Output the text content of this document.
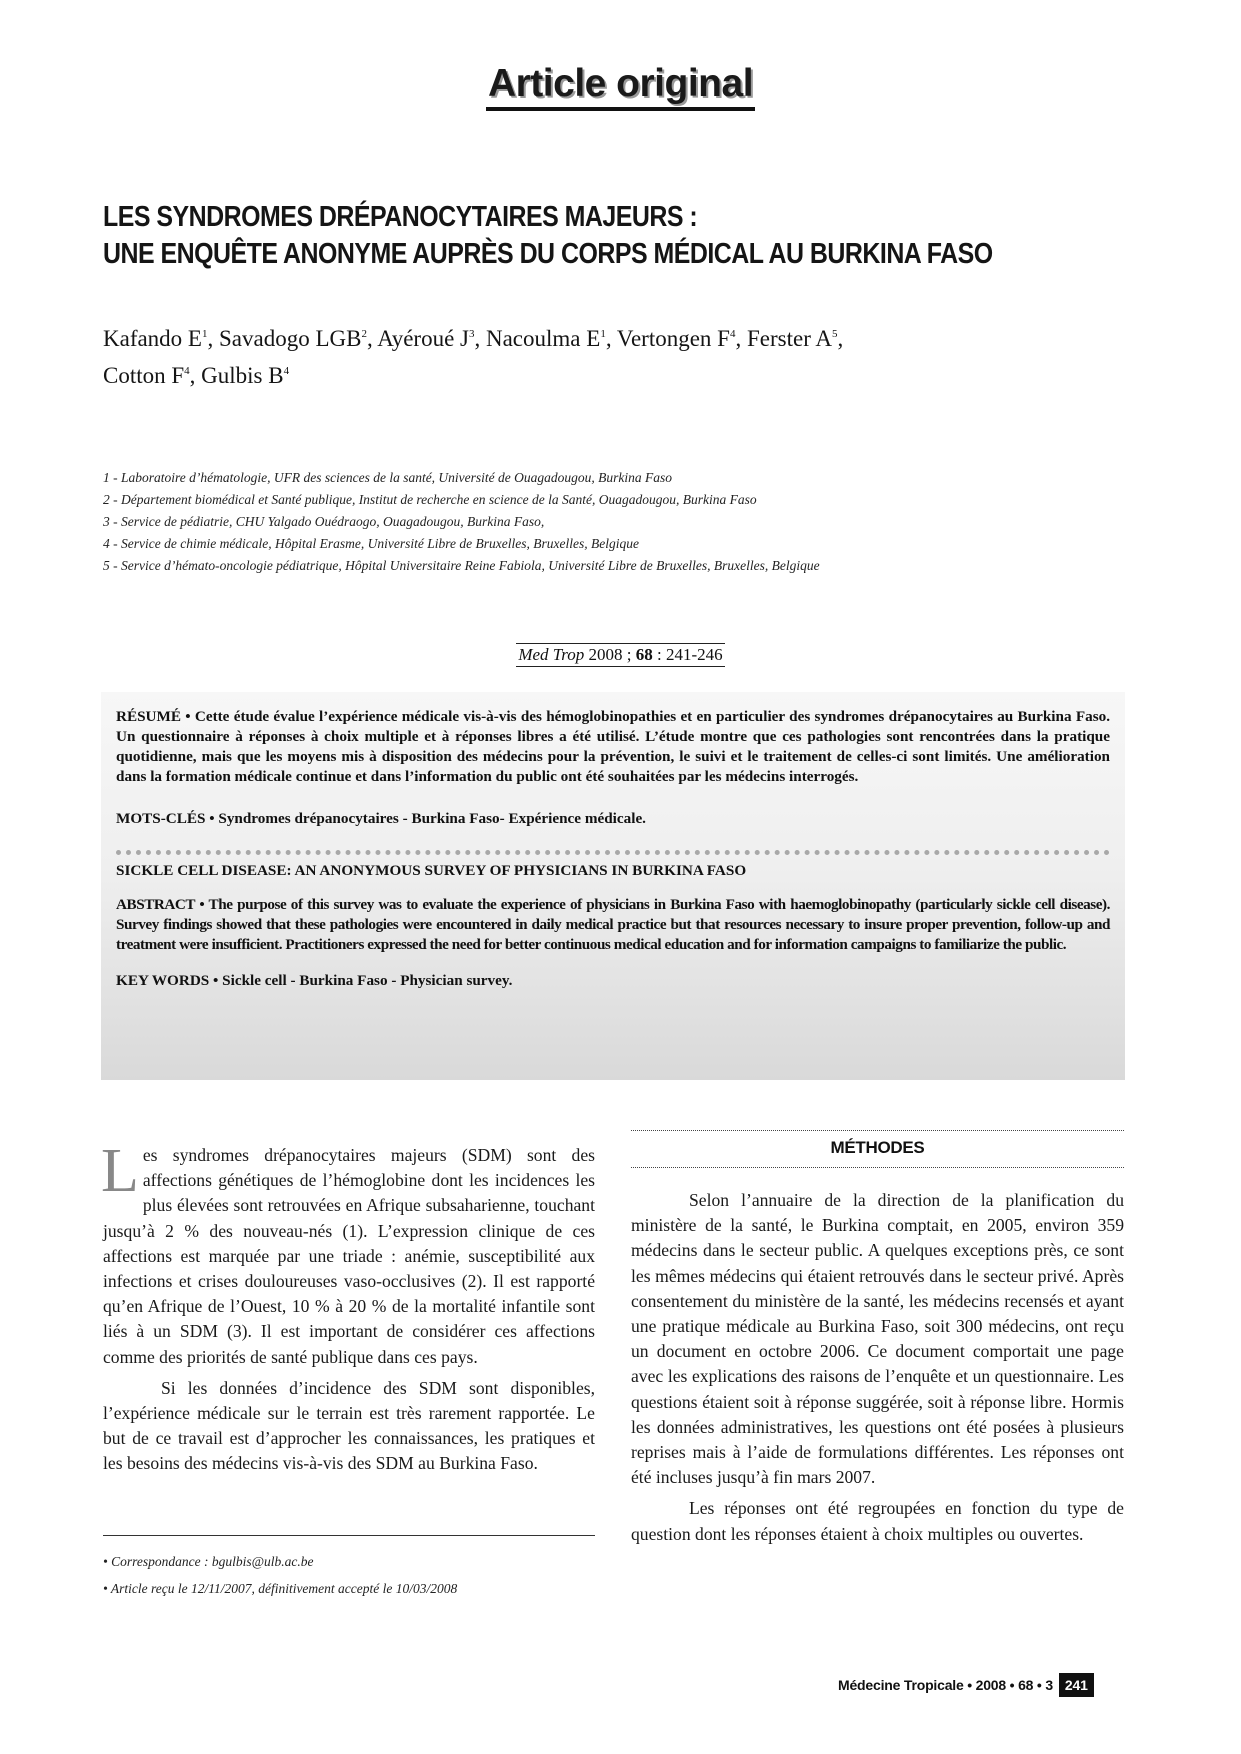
Article original
LES SYNDROMES DRÉPANOCYTAIRES MAJEURS :
UNE ENQUÊTE ANONYME AUPRÈS DU CORPS MÉDICAL AU BURKINA FASO
Kafando $E^1$, Savadogo LGB$^2$, Ayéroué $J^3$, Nacoulma $E^1$, Vertongen $F^4$, Ferster $A^5$,
Cotton $F^4$, Gulbis $B^4$
1 - Laboratoire d’hématologie, UFR des sciences de la santé, Université de Ouagadougou, Burkina Faso
2 - Département biomédical et Santé publique, Institut de recherche en science de la Santé, Ouagadougou, Burkina Faso
3 - Service de pédiatrie, CHU Yalgado Ouédraogo, Ouagadougou, Burkina Faso,
4 - Service de chimie médicale, Hôpital Erasme, Université Libre de Bruxelles, Bruxelles, Belgique
5 - Service d’hémato-oncologie pédiatrique, Hôpital Universitaire Reine Fabiola, Université Libre de Bruxelles, Bruxelles, Belgique
Med Trop 2008 ; 68 : 241-246

RÉSUMÉ • Cette étude évalue l’expérience médicale vis-à-vis des hémoglobinopathies et en particulier des syndromes drépanocytaires au Burkina Faso. Un questionnaire à réponses à choix multiple et à réponses libres a été utilisé. L’étude montre que ces pathologies sont rencontrées dans la pratique quotidienne, mais que les moyens mis à disposition des médecins pour la prévention, le suivi et le traitement de celles-ci sont limités. Une amélioration dans la formation médicale continue et dans l’information du public ont été souhaitées par les médecins interrogés.

MOTS-CLÉS • Syndromes drépanocytaires - Burkina Faso- Expérience médicale.

SICKLE CELL DISEASE: AN ANONYMOUS SURVEY OF PHYSICIANS IN BURKINA FASO

ABSTRACT • The purpose of this survey was to evaluate the experience of physicians in Burkina Faso with haemoglobinopathy (particularly sickle cell disease). Survey findings showed that these pathologies were encountered in daily medical practice but that resources necessary to insure proper prevention, follow-up and treatment were insufficient. Practitioners expressed the need for better continuous medical education and for information campaigns to familiarize the public.

KEY WORDS • Sickle cell - Burkina Faso - Physician survey.

Les syndromes drépanocytaires majeurs (SDM) sont des affections génétiques de l’hémoglobine dont les incidences les plus élevées sont retrouvées en Afrique subsaharienne, touchant jusqu’à 2 % des nouveau-nés (1). L’expression clinique de ces affections est marquée par une triade : anémie, susceptibilité aux infections et crises douloureuses vaso-occlusives (2). Il est rapporté qu’en Afrique de l’Ouest, 10 % à 20 % de la mortalité infantile sont liés à un SDM (3). Il est important de considérer ces affections comme des priorités de santé publique dans ces pays.

Si les données d’incidence des SDM sont disponibles, l’expérience médicale sur le terrain est très rarement rapportée. Le but de ce travail est d’approcher les connaissances, les pratiques et les besoins des médecins vis-à-vis des SDM au Burkina Faso.

MÉTHODES

Selon l’annuaire de la direction de la planification du ministère de la santé, le Burkina comptait, en 2005, environ 359 médecins dans le secteur public. A quelques exceptions près, ce sont les mêmes médecins qui étaient retrouvés dans le secteur privé. Après consentement du ministère de la santé, les médecins recensés et ayant une pratique médicale au Burkina Faso, soit 300 médecins, ont reçu un document en octobre 2006. Ce document comportait une page avec les explications des raisons de l’enquête et un questionnaire. Les questions étaient soit à réponse suggérée, soit à réponse libre. Hormis les données administratives, les questions ont été posées à plusieurs reprises mais à l’aide de formulations différentes. Les réponses ont été incluses jusqu’à fin mars 2007.

Les réponses ont été regroupées en fonction du type de question dont les réponses étaient à choix multiples ou ouvertes.

• Correspondance : bgulbis@ulb.ac.be
• Article reçu le 12/11/2007, définitivement accepté le 10/03/2008
Médecine Tropicale • 2008 • 68 • 3 241
